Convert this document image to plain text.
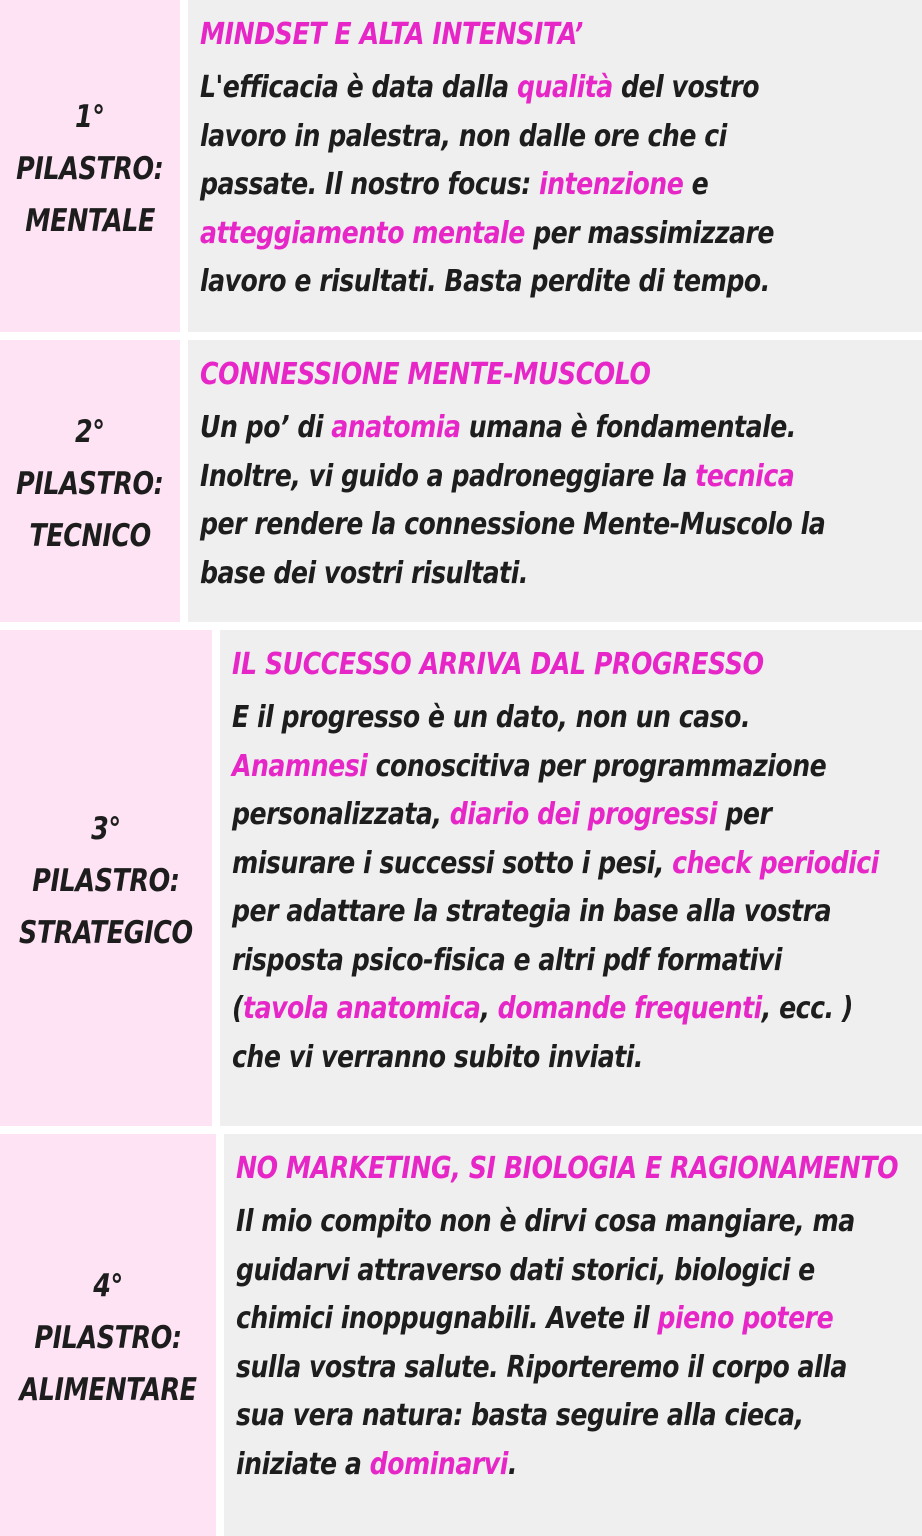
1° PILASTRO:
MENTALE
MINDSET E ALTA INTENSITA’
L'efficacia è data dalla qualità del vostro
lavoro in palestra, non dalle ore che ci
passate. Il nostro focus: intenzione e
atteggiamento mentale per massimizzare
lavoro e risultati. Basta perdite di tempo.
2° PILASTRO:
TECNICO
CONNESSIONE MENTE-MUSCOLO
Un po’ di anatomia umana è fondamentale.
Inoltre, vi guido a padroneggiare la tecnica
per rendere la connessione Mente-Muscolo la
base dei vostri risultati.
3° PILASTRO:
STRATEGICO
IL SUCCESSO ARRIVA DAL PROGRESSO
E il progresso è un dato, non un caso.
Anamnesi conoscitiva per programmazione
personalizzata, diario dei progressi per
misurare i successi sotto i pesi, check periodici
per adattare la strategia in base alla vostra
risposta psico-fisica e altri pdf formativi
(tavola anatomica, domande frequenti, ecc. )
che vi verranno subito inviati.
4° PILASTRO:
ALIMENTARE
NO MARKETING, SI BIOLOGIA E RAGIONAMENTO
Il mio compito non è dirvi cosa mangiare, ma
guidarvi attraverso dati storici, biologici e
chimici inoppugnabili. Avete il pieno potere
sulla vostra salute. Riporteremo il corpo alla
sua vera natura: basta seguire alla cieca,
iniziate a dominarvi.
